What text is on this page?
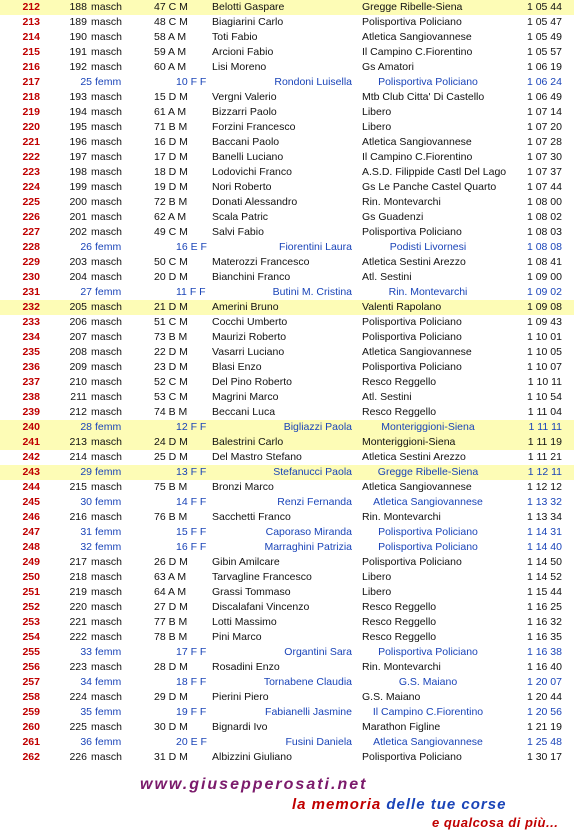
212	188 masch	47 C M Belotti Gaspare	Gregge Ribelle-Siena	1 05 44
213	189 masch	48 C M Biagiarini Carlo	Polisportiva Policiano	1 05 47
214	190 masch	58 A M Toti Fabio	Atletica Sangiovannese	1 05 49
215	191 masch	59 A M Arcioni Fabio	Il Campino C.Fiorentino	1 05 57
216	192 masch	60 A M Lisi Moreno	Gs Amatori	1 06 19
217	25 femm	10 F F	Rondoni Luisella	Polisportiva Policiano	1 06 24
218	193 masch	15 D M Vergni Valerio	Mtb Club Citta' Di Castello	1 06 49
219	194 masch	61 A M Bizzarri Paolo	Libero	1 07 14
220	195 masch	71 B M Forzini Francesco	Libero	1 07 20
221	196 masch	16 D M Baccani Paolo	Atletica Sangiovannese	1 07 28
222	197 masch	17 D M Banelli Luciano	Il Campino C.Fiorentino	1 07 30
223	198 masch	18 D M Lodovichi Franco	A.S.D. Filippide Castl Del Lago	1 07 37
224	199 masch	19 D M Nori Roberto	Gs Le Panche Castel Quarto	1 07 44
225	200 masch	72 B M Donati Alessandro	Rin. Montevarchi	1 08 00
226	201 masch	62 A M Scala Patric	Gs Guadenzi	1 08 02
227	202 masch	49 C M Salvi Fabio	Polisportiva Policiano	1 08 03
228	26 femm	16 E F	Fiorentini Laura	Podisti Livornesi	1 08 08
229	203 masch	50 C M Materozzi Francesco	Atletica Sestini Arezzo	1 08 41
230	204 masch	20 D M Bianchini Franco	Atl. Sestini	1 09 00
231	27 femm	11 F F	Butini M. Cristina	Rin. Montevarchi	1 09 02
232	205 masch	21 D M Amerini Bruno	Valenti Rapolano	1 09 08
233	206 masch	51 C M Cocchi Umberto	Polisportiva Policiano	1 09 43
234	207 masch	73 B M Maurizi Roberto	Polisportiva Policiano	1 10 01
235	208 masch	22 D M Vasarri Luciano	Atletica Sangiovannese	1 10 05
236	209 masch	23 D M Blasi Enzo	Polisportiva Policiano	1 10 07
237	210 masch	52 C M Del Pino Roberto	Resco Reggello	1 10 11
238	211 masch	53 C M Magrini Marco	Atl. Sestini	1 10 54
239	212 masch	74 B M Beccani Luca	Resco Reggello	1 11 04
240	28 femm	12 F F	Bigliazzi Paola	Monteriggioni-Siena	1 11 11
241	213 masch	24 D M Balestrini Carlo	Monteriggioni-Siena	1 11 19
242	214 masch	25 D M Del Mastro Stefano	Atletica Sestini Arezzo	1 11 21
243	29 femm	13 F F	Stefanucci Paola	Gregge Ribelle-Siena	1 12 11
244	215 masch	75 B M Bronzi Marco	Atletica Sangiovannese	1 12 12
245	30 femm	14 F F	Renzi Fernanda	Atletica Sangiovannese	1 13 32
246	216 masch	76 B M Sacchetti Franco	Rin. Montevarchi	1 13 34
247	31 femm	15 F F	Caporaso Miranda	Polisportiva Policiano	1 14 31
248	32 femm	16 F F	Marraghini Patrizia	Polisportiva Policiano	1 14 40
249	217 masch	26 D M Gibin Amilcare	Polisportiva Policiano	1 14 50
250	218 masch	63 A M Tarvagline Francesco	Libero	1 14 52
251	219 masch	64 A M Grassi Tommaso	Libero	1 15 44
252	220 masch	27 D M Discalafani Vincenzo	Resco Reggello	1 16 25
253	221 masch	77 B M Lotti Massimo	Resco Reggello	1 16 32
254	222 masch	78 B M Pini Marco	Resco Reggello	1 16 35
255	33 femm	17 F F	Organtini Sara	Polisportiva Policiano	1 16 38
256	223 masch	28 D M Rosadini Enzo	Rin. Montevarchi	1 16 40
257	34 femm	18 F F	Tornabene Claudia	G.S. Maiano	1 20 07
258	224 masch	29 D M Pierini Piero	G.S. Maiano	1 20 44
259	35 femm	19 F F	Fabianelli Jasmine	Il Campino C.Fiorentino	1 20 56
260	225 masch	30 D M Bignardi Ivo	Marathon Figline	1 21 19
261	36 femm	20 E F	Fusini Daniela	Atletica Sangiovannese	1 25 48
262	226 masch	31 D M Albizzini Giuliano	Polisportiva Policiano	1 30 17
www.giusepperosati.net
la memoria delle tue corse
e qualcosa di più...
